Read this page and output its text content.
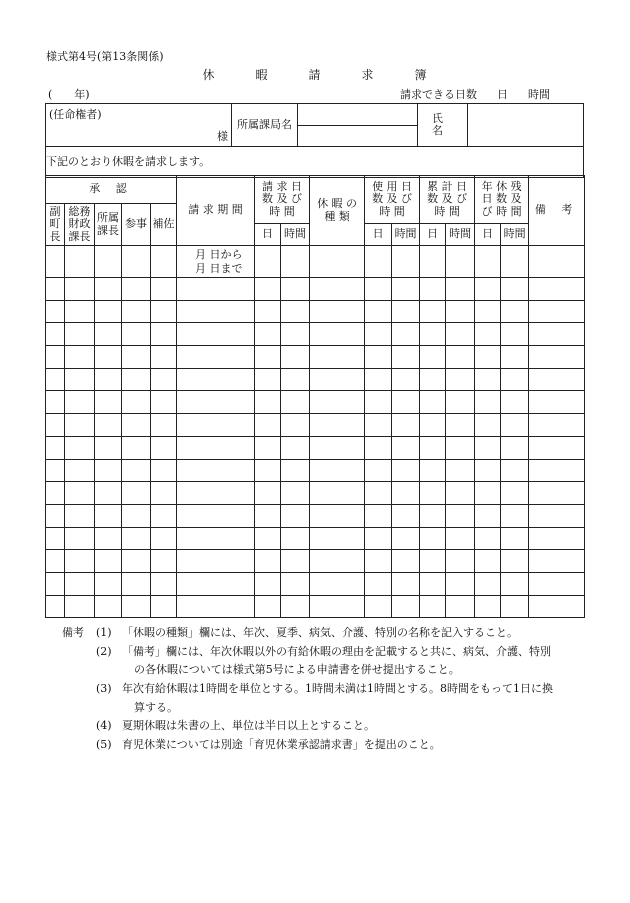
様式第4号(第13条関係)
休	暇	請	求	簿
( 年)	請求できる日数 日 時間
(任命権者)
様
	所属課局名		氏 名	
下記のとおり休暇を請求します。
承 認					請 求 期 間	請 求 日 数 及 び 時 間		休 暇 の 種 類	使 用 日 数 及 び 時 間		累 計 日 数 及 び 時 間		年 休 残 日 数 及 び 時 間		備 考
副町長	総務財政課長	所属課長	参事	補佐											
						日	時間		日	時間	日	時間	日	時間	
					月 日から
月 日まで										

備考 (1) 「休暇の種類」欄には、年次、夏季、病気、介護、特別の名称を記入すること。
(2) 「備考」欄には、年次休暇以外の有給休暇の理由を記載すると共に、病気、介護、特別
の各休暇については様式第5号による申請書を併せ提出すること。
(3) 年次有給休暇は1時間を単位とする。1時間未満は1時間とする。8時間をもって1日に換
算する。
(4) 夏期休暇は朱書の上、単位は半日以上とすること。
(5) 育児休業については別途「育児休業承認請求書」を提出のこと。
